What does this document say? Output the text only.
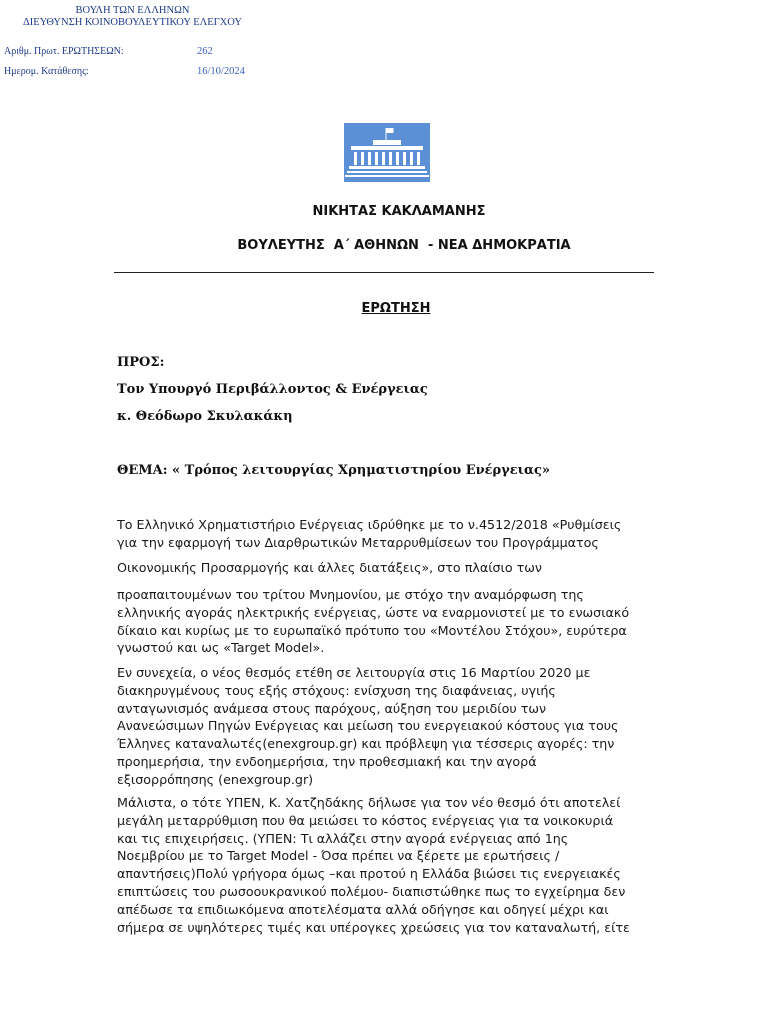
ΒΟΥΛΗ ΤΩΝ ΕΛΛΗΝΩΝ
ΔΙΕΥΘΥΝΣΗ ΚΟΙΝΟΒΟΥΛΕΥΤΙΚΟΥ ΕΛΕΓΧΟΥ
Αριθμ. Πρωτ. ΕΡΩΤΗΣΕΩΝ:	262
Ημερομ. Κατάθεσης:	16/10/2024
ΝΙΚΗΤΑΣ ΚΑΚΛΑΜΑΝΗΣ
ΒΟΥΛΕΥΤΗΣ  Α΄ ΑΘΗΝΩΝ  - ΝΕΑ ΔΗΜΟΚΡΑΤΙΑ
ΕΡΩΤΗΣΗ
ΠΡΟΣ:
Τον Υπουργό Περιβάλλοντος & Ενέργειας
κ. Θεόδωρο Σκυλακάκη
ΘΕΜΑ: « Τρόπος λειτουργίας Χρηματιστηρίου Ενέργειας»
Το Ελληνικό Χρηματιστήριο Ενέργειας ιδρύθηκε με το ν.4512/2018 «Ρυθμίσεις
για την εφαρμογή των Διαρθρωτικών Μεταρρυθμίσεων του Προγράμματος
Οικονομικής Προσαρμογής και άλλες διατάξεις», στο πλαίσιο των
προαπαιτουμένων του τρίτου Μνημονίου, με στόχο την αναμόρφωση της
ελληνικής αγοράς ηλεκτρικής ενέργειας, ώστε να εναρμονιστεί με το ενωσιακό
δίκαιο και κυρίως με το ευρωπαϊκό πρότυπο του «Μοντέλου Στόχου», ευρύτερα
γνωστού και ως «Target Model».
Εν συνεχεία, ο νέος θεσμός ετέθη σε λειτουργία στις 16 Μαρτίου 2020 με
διακηρυγμένους τους εξής στόχους: ενίσχυση της διαφάνειας, υγιής
ανταγωνισμός ανάμεσα στους παρόχους, αύξηση του μεριδίου των
Ανανεώσιμων Πηγών Ενέργειας και μείωση του ενεργειακού κόστους για τους
Έλληνες καταναλωτές(enexgroup.gr) και πρόβλεψη για τέσσερις αγορές: την
προημερήσια, την ενδοημερήσια, την προθεσμιακή και την αγορά
εξισορρόπησης (enexgroup.gr)
Μάλιστα, ο τότε ΥΠΕΝ, Κ. Χατζηδάκης δήλωσε για τον νέο θεσμό ότι αποτελεί
μεγάλη μεταρρύθμιση που θα μειώσει το κόστος ενέργειας για τα νοικοκυριά
και τις επιχειρήσεις. (ΥΠΕΝ: Τι αλλάζει στην αγορά ενέργειας από 1ης
Νοεμβρίου με το Target Model - Όσα πρέπει να ξέρετε με ερωτήσεις /
απαντήσεις)Πολύ γρήγορα όμως –και προτού η Ελλάδα βιώσει τις ενεργειακές
επιπτώσεις του ρωσοουκρανικού πολέμου- διαπιστώθηκε πως το εγχείρημα δεν
απέδωσε τα επιδιωκόμενα αποτελέσματα αλλά οδήγησε και οδηγεί μέχρι και
σήμερα σε υψηλότερες τιμές και υπέρογκες χρεώσεις για τον καταναλωτή, είτε
